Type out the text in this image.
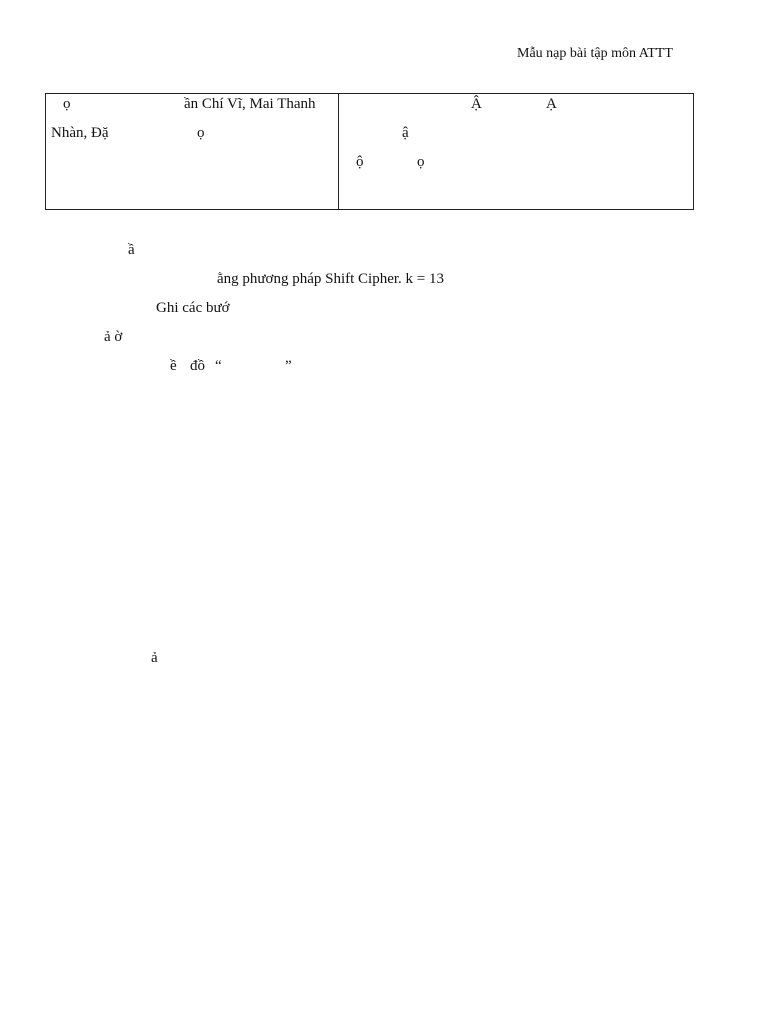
Mẫu nạp bài tập môn ATTT
ọ	ần Chí Vĩ, Mai Thanh
Nhàn, Đặ	ọ
Ậ	Ạ
ậ
ộ	ọ
ầ
ằng phương pháp Shift Cipher. k = 13
Ghi các bướ
ả ờ
ề đồ “	”
ả
